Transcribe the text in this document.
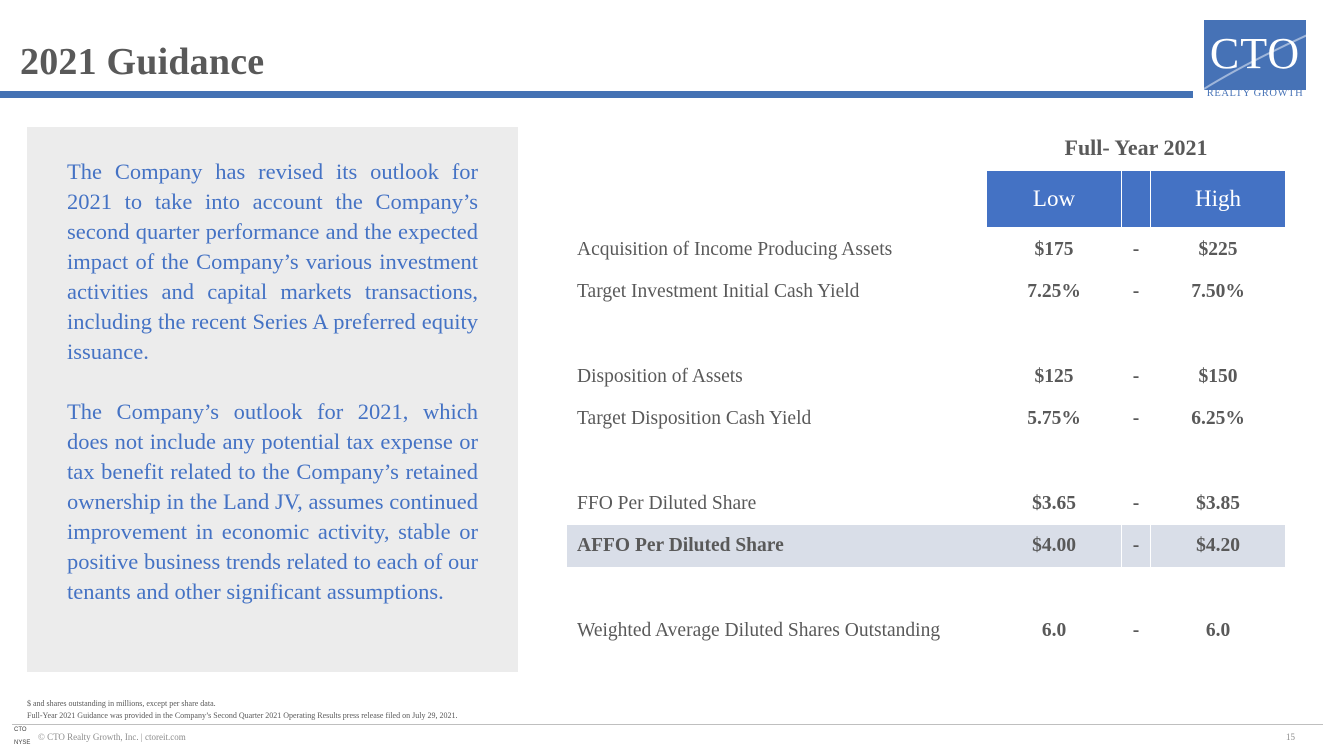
2021 Guidance	CTO
REALTY GROWTH

The Company has revised its outlook for 2021 to take into account the Company’s second quarter performance and the expected impact of the Company’s various investment activities and capital markets transactions, including the recent Series A preferred equity issuance.

The Company’s outlook for 2021, which does not include any potential tax expense or tax benefit related to the Company’s retained ownership in the Land JV, assumes continued improvement in economic activity, stable or positive business trends related to each of our tenants and other significant assumptions.

Full- Year 2021
Low	High
Acquisition of Income Producing Assets	$175	-	$225
Target Investment Initial Cash Yield	7.25%	-	7.50%
Disposition of Assets	$125	-	$150
Target Disposition Cash Yield	5.75%	-	6.25%
FFO Per Diluted Share	$3.65	-	$3.85
AFFO Per Diluted Share	$4.00	-	$4.20
Weighted Average Diluted Shares Outstanding	6.0	-	6.0
$ and shares outstanding in millions, except per share data.
Full-Year 2021 Guidance was provided in the Company’s Second Quarter 2021 Operating Results press release filed on July 29, 2021.
CTO
NYSE
© CTO Realty Growth, Inc. | ctoreit.com	15
